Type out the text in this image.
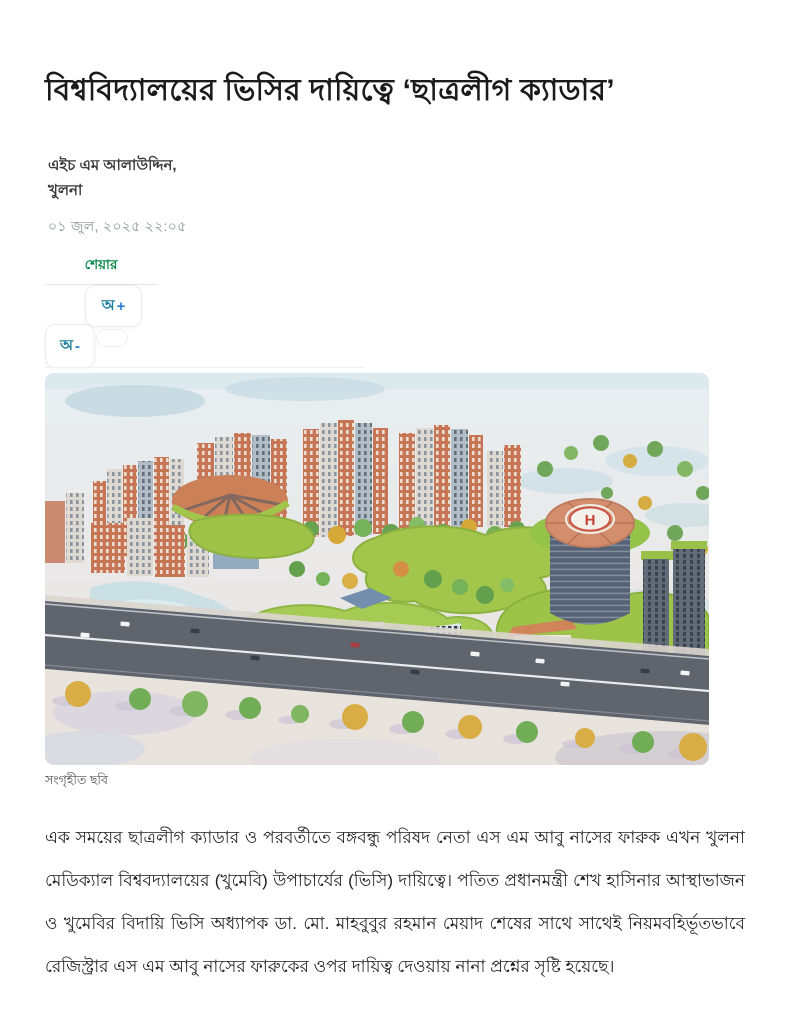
বিশ্ববিদ্যালয়ের ভিসির দায়িত্বে ‘ছাত্রলীগ ক্যাডার’
এইচ এম আলাউদ্দিন,
খুলনা
০১ জুল, ২০২৫ ২২:০৫
শেয়ার
অ +
অ -
H
সংগৃহীত ছবি

এক সময়ের ছাত্রলীগ ক্যাডার ও পরবর্তীতে বঙ্গবন্ধু পরিষদ নেতা এস এম আবু নাসের ফারুক এখন খুলনা মেডিক্যাল বিশ্ববদ্যালয়ের (খুমেবি) উপাচার্যের (ভিসি) দায়িত্বে। পতিত প্রধানমন্ত্রী শেখ হাসিনার আস্থাভাজন ও খুমেবির বিদায়ি ভিসি অধ্যাপক ডা. মো. মাহবুবুর রহমান মেয়াদ শেষের সাথে সাথেই নিয়মবহির্ভূতভাবে রেজিস্ট্রার এস এম আবু নাসের ফারুকের ওপর দায়িত্ব দেওয়ায় নানা প্রশ্নের সৃষ্টি হয়েছে।
